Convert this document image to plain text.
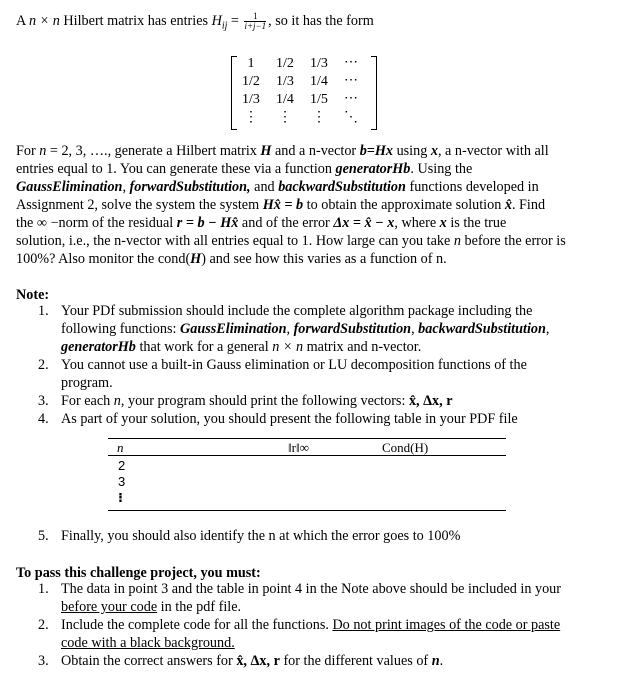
A n × n Hilbert matrix has entries $H_{ij} = \frac{1}{i+j-1}$ , so it has the form
1	1/2	1/3	⋯
1/2	1/3	1/4	⋯
1/3	1/4	1/5	⋯
⋮	⋮	⋮	⋱
For n = 2, 3, …., generate a Hilbert matrix H and a n-vector b=Hx using x, a n-vector with all
entries equal to 1. You can generate these via a function generatorHb. Using the
GaussElimination, forwardSubstitution, and backwardSubstitution functions developed in
Assignment 2, solve the system the system Hx̂ = b to obtain the approximate solution x̂. Find
the ∞ −norm of the residual r = b − Hx̂ and of the error Δx = x̂ − x, where x is the true
solution, i.e., the n-vector with all entries equal to 1. How large can you take n before the error is
100%? Also monitor the cond(H) and see how this varies as a function of n.
Note:
1. Your PDf submission should include the complete algorithm package including the
following functions: GaussElimination, forwardSubstitution, backwardSubstitution,
generatorHb that work for a general n × n matrix and n-vector.
2. You cannot use a built-in Gauss elimination or LU decomposition functions of the
program.
3. For each n, your program should print the following vectors: x̂, Δx, r
4. As part of your solution, you should present the following table in your PDF file
n	‖r‖∞	Cond(H)
2
3
⁝
5. Finally, you should also identify the n at which the error goes to 100%
To pass this challenge project, you must:
1. The data in point 3 and the table in point 4 in the Note above should be included in your
before your code in the pdf file.
2. Include the complete code for all the functions. Do not print images of the code or paste
code with a black background.
3. Obtain the correct answers for x̂, Δx, r for the different values of n.
